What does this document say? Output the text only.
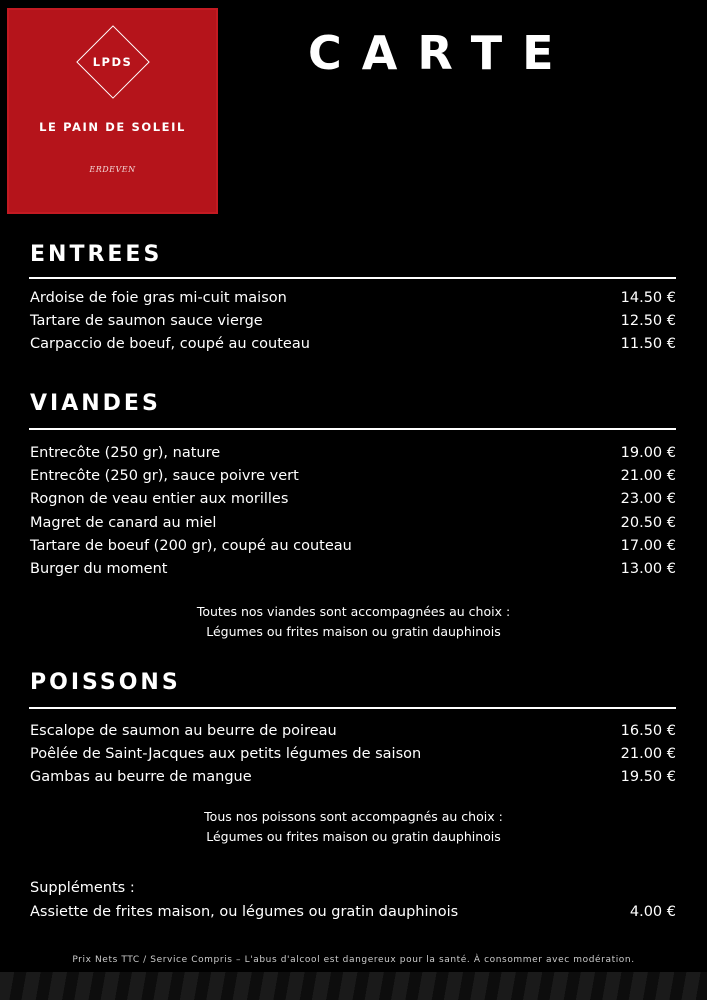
LPDS
LE PAIN DE SOLEIL
ERDEVEN
CARTE
ENTREES
Ardoise de foie gras mi-cuit maison	14.50 €
Tartare de saumon sauce vierge	12.50 €
Carpaccio de boeuf, coupé au couteau	11.50 €
VIANDES
Entrecôte (250 gr), nature	19.00 €
Entrecôte (250 gr), sauce poivre vert	21.00 €
Rognon de veau entier aux morilles	23.00 €
Magret de canard au miel	20.50 €
Tartare de boeuf (200 gr), coupé au couteau	17.00 €
Burger du moment	13.00 €
Toutes nos viandes sont accompagnées au choix :
Légumes ou frites maison ou gratin dauphinois
POISSONS
Escalope de saumon au beurre de poireau	16.50 €
Poêlée de Saint-Jacques aux petits légumes de saison	21.00 €
Gambas au beurre de mangue	19.50 €
Tous nos poissons sont accompagnés au choix :
Légumes ou frites maison ou gratin dauphinois
Suppléments :
Assiette de frites maison, ou légumes ou gratin dauphinois	4.00 €
Prix Nets TTC / Service Compris – L'abus d'alcool est dangereux pour la santé. À consommer avec modération.
